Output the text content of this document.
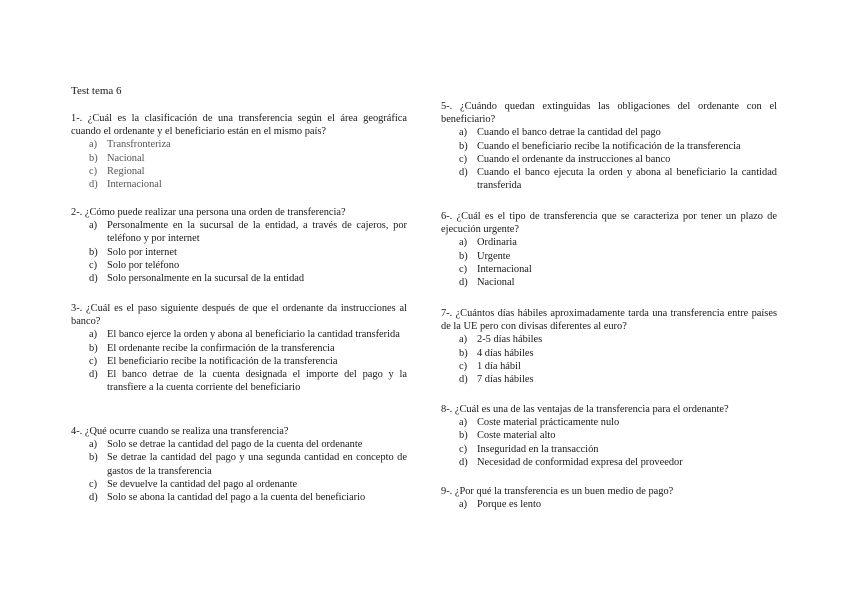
Test tema 6

1-. ¿Cuál es la clasificación de una transferencia según el área geográfica cuando el ordenante y el beneficiario están en el mismo país?

a) Transfronteriza
b) Nacional
c) Regional
d) Internacional

2-. ¿Cómo puede realizar una persona una orden de transferencia?

a) Personalmente en la sucursal de la entidad, a través de cajeros, por teléfono y por internet
b) Solo por internet
c) Solo por teléfono
d) Solo personalmente en la sucursal de la entidad

3-. ¿Cuál es el paso siguiente después de que el ordenante da instrucciones al banco?

a) El banco ejerce la orden y abona al beneficiario la cantidad transferida
b) El ordenante recibe la confirmación de la transferencia
c) El beneficiario recibe la notificación de la transferencia
d) El banco detrae de la cuenta designada el importe del pago y la transfiere a la cuenta corriente del beneficiario

4-. ¿Qué ocurre cuando se realiza una transferencia?

a) Solo se detrae la cantidad del pago de la cuenta del ordenante
b) Se detrae la cantidad del pago y una segunda cantidad en concepto de gastos de la transferencia
c) Se devuelve la cantidad del pago al ordenante
d) Solo se abona la cantidad del pago a la cuenta del beneficiario

5-. ¿Cuándo quedan extinguidas las obligaciones del ordenante con el beneficiario?

a) Cuando el banco detrae la cantidad del pago
b) Cuando el beneficiario recibe la notificación de la transferencia
c) Cuando el ordenante da instrucciones al banco
d) Cuando el banco ejecuta la orden y abona al beneficiario la cantidad transferida

6-. ¿Cuál es el tipo de transferencia que se caracteriza por tener un plazo de ejecución urgente?

a) Ordinaria
b) Urgente
c) Internacional
d) Nacional

7-. ¿Cuántos días hábiles aproximadamente tarda una transferencia entre países de la UE pero con divisas diferentes al euro?

a) 2-5 días hábiles
b) 4 días hábiles
c) 1 día hábil
d) 7 días hábiles

8-. ¿Cuál es una de las ventajas de la transferencia para el ordenante?

a) Coste material prácticamente nulo
b) Coste material alto
c) Inseguridad en la transacción
d) Necesidad de conformidad expresa del proveedor

9-. ¿Por qué la transferencia es un buen medio de pago?

a) Porque es lento
